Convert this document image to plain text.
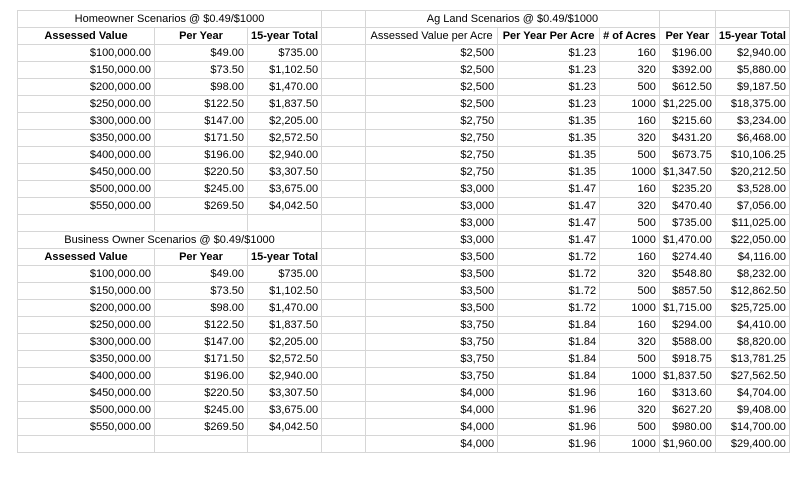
Homeowner Scenarios @ $0.49/$1000				Ag Land Scenarios @ $0.49/$1000				
Assessed Value	Per Year	15-year Total		Assessed Value per Acre	Per Year Per Acre	# of Acres	Per Year	15-year Total
$100,000.00	$49.00	$735.00		$2,500	$1.23	160	$196.00	$2,940.00
$150,000.00	$73.50	$1,102.50		$2,500	$1.23	320	$392.00	$5,880.00
$200,000.00	$98.00	$1,470.00		$2,500	$1.23	500	$612.50	$9,187.50
$250,000.00	$122.50	$1,837.50		$2,500	$1.23	1000	$1,225.00	$18,375.00
$300,000.00	$147.00	$2,205.00		$2,750	$1.35	160	$215.60	$3,234.00
$350,000.00	$171.50	$2,572.50		$2,750	$1.35	320	$431.20	$6,468.00
$400,000.00	$196.00	$2,940.00		$2,750	$1.35	500	$673.75	$10,106.25
$450,000.00	$220.50	$3,307.50		$2,750	$1.35	1000	$1,347.50	$20,212.50
$500,000.00	$245.00	$3,675.00		$3,000	$1.47	160	$235.20	$3,528.00
$550,000.00	$269.50	$4,042.50		$3,000	$1.47	320	$470.40	$7,056.00
				$3,000	$1.47	500	$735.00	$11,025.00
Business Owner Scenarios @ $0.49/$1000				$3,000	$1.47	1000	$1,470.00	$22,050.00
Assessed Value	Per Year	15-year Total		$3,500	$1.72	160	$274.40	$4,116.00
$100,000.00	$49.00	$735.00		$3,500	$1.72	320	$548.80	$8,232.00
$150,000.00	$73.50	$1,102.50		$3,500	$1.72	500	$857.50	$12,862.50
$200,000.00	$98.00	$1,470.00		$3,500	$1.72	1000	$1,715.00	$25,725.00
$250,000.00	$122.50	$1,837.50		$3,750	$1.84	160	$294.00	$4,410.00
$300,000.00	$147.00	$2,205.00		$3,750	$1.84	320	$588.00	$8,820.00
$350,000.00	$171.50	$2,572.50		$3,750	$1.84	500	$918.75	$13,781.25
$400,000.00	$196.00	$2,940.00		$3,750	$1.84	1000	$1,837.50	$27,562.50
$450,000.00	$220.50	$3,307.50		$4,000	$1.96	160	$313.60	$4,704.00
$500,000.00	$245.00	$3,675.00		$4,000	$1.96	320	$627.20	$9,408.00
$550,000.00	$269.50	$4,042.50		$4,000	$1.96	500	$980.00	$14,700.00
				$4,000	$1.96	1000	$1,960.00	$29,400.00
